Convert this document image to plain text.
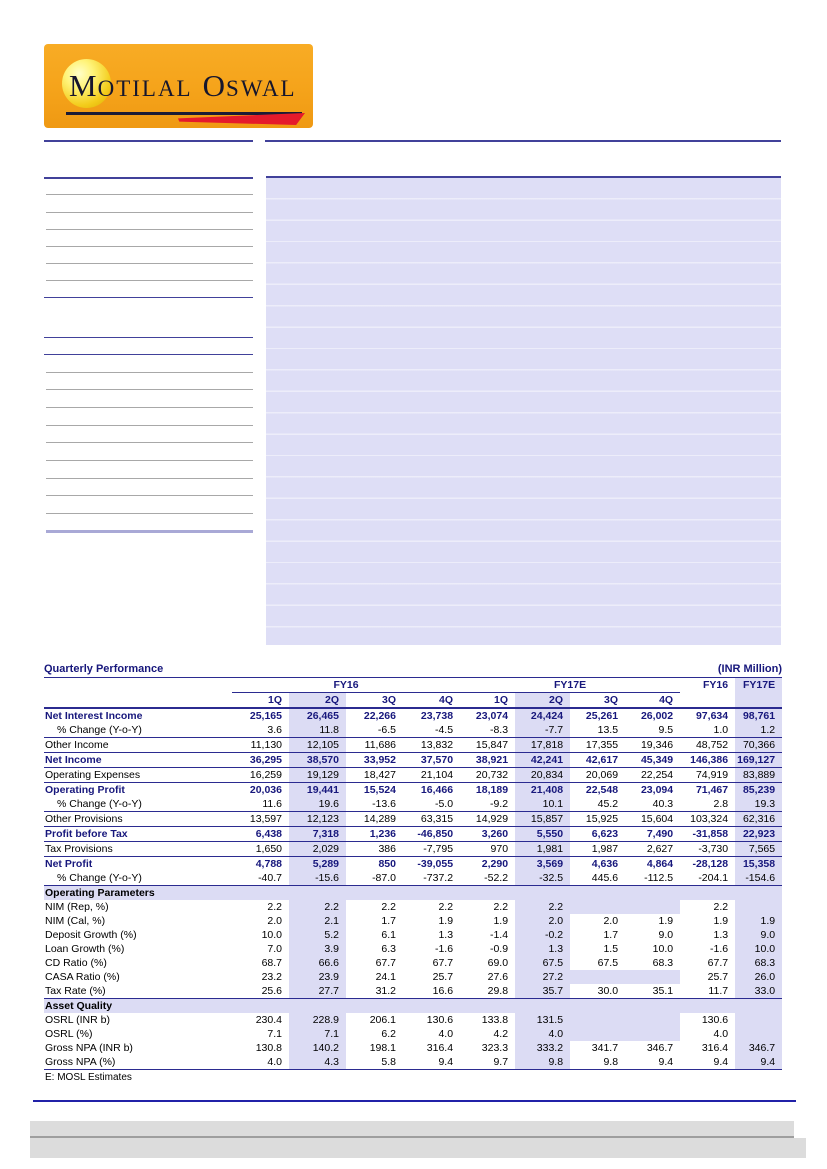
MOTILAL OSWAL
Quarterly Performance	(INR Million)
	FY16				FY17E				FY16	FY17E
	1Q	2Q	3Q	4Q	1Q	2Q	3Q	4Q		
Net Interest Income	25,165	26,465	22,266	23,738	23,074	24,424	25,261	26,002	97,634	98,761
% Change (Y-o-Y)	3.6	11.8	-6.5	-4.5	-8.3	-7.7	13.5	9.5	1.0	1.2
Other Income	11,130	12,105	11,686	13,832	15,847	17,818	17,355	19,346	48,752	70,366
Net Income	36,295	38,570	33,952	37,570	38,921	42,241	42,617	45,349	146,386	169,127
Operating Expenses	16,259	19,129	18,427	21,104	20,732	20,834	20,069	22,254	74,919	83,889
Operating Profit	20,036	19,441	15,524	16,466	18,189	21,408	22,548	23,094	71,467	85,239
% Change (Y-o-Y)	11.6	19.6	-13.6	-5.0	-9.2	10.1	45.2	40.3	2.8	19.3
Other Provisions	13,597	12,123	14,289	63,315	14,929	15,857	15,925	15,604	103,324	62,316
Profit before Tax	6,438	7,318	1,236	-46,850	3,260	5,550	6,623	7,490	-31,858	22,923
Tax Provisions	1,650	2,029	386	-7,795	970	1,981	1,987	2,627	-3,730	7,565
Net Profit	4,788	5,289	850	-39,055	2,290	3,569	4,636	4,864	-28,128	15,358
% Change (Y-o-Y)	-40.7	-15.6	-87.0	-737.2	-52.2	-32.5	445.6	-112.5	-204.1	-154.6
Operating Parameters										
NIM (Rep, %)	2.2	2.2	2.2	2.2	2.2	2.2			2.2	
NIM (Cal, %)	2.0	2.1	1.7	1.9	1.9	2.0	2.0	1.9	1.9	1.9
Deposit Growth (%)	10.0	5.2	6.1	1.3	-1.4	-0.2	1.7	9.0	1.3	9.0
Loan Growth (%)	7.0	3.9	6.3	-1.6	-0.9	1.3	1.5	10.0	-1.6	10.0
CD Ratio (%)	68.7	66.6	67.7	67.7	69.0	67.5	67.5	68.3	67.7	68.3
CASA Ratio (%)	23.2	23.9	24.1	25.7	27.6	27.2			25.7	26.0
Tax Rate (%)	25.6	27.7	31.2	16.6	29.8	35.7	30.0	35.1	11.7	33.0
Asset Quality										
OSRL (INR b)	230.4	228.9	206.1	130.6	133.8	131.5			130.6	
OSRL (%)	7.1	7.1	6.2	4.0	4.2	4.0			4.0	
Gross NPA (INR b)	130.8	140.2	198.1	316.4	323.3	333.2	341.7	346.7	316.4	346.7
Gross NPA (%)	4.0	4.3	5.8	9.4	9.7	9.8	9.8	9.4	9.4	9.4
E: MOSL Estimates
